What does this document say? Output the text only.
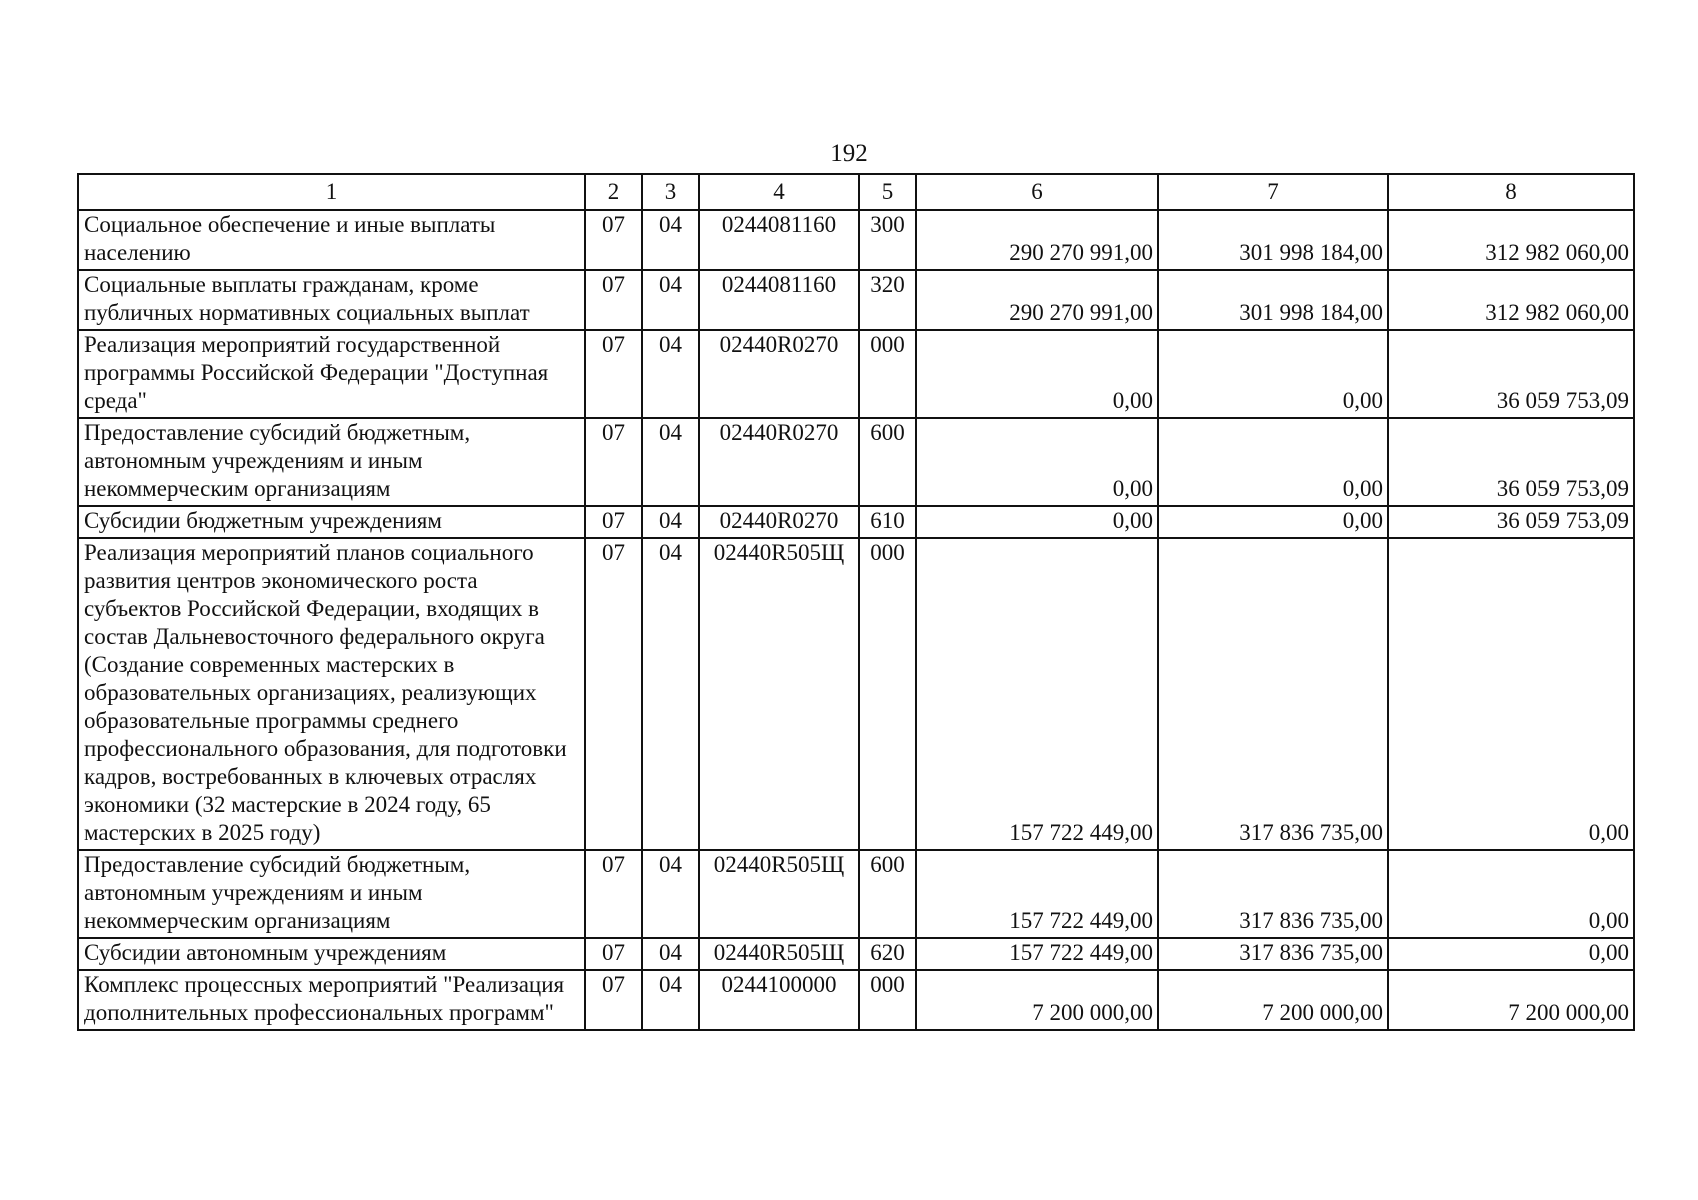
192
1	2	3	4	5	6	7	8
Социальное обеспечение и иные выплаты населению	07	04	0244081160	300	290 270 991,00	301 998 184,00	312 982 060,00
Социальные выплаты гражданам, кроме публичных нормативных социальных выплат	07	04	0244081160	320	290 270 991,00	301 998 184,00	312 982 060,00
Реализация мероприятий государственной программы Российской Федерации "Доступная среда"	07	04	02440R0270	000	0,00	0,00	36 059 753,09
Предоставление субсидий бюджетным, автономным учреждениям и иным некоммерческим организациям	07	04	02440R0270	600	0,00	0,00	36 059 753,09
Субсидии бюджетным учреждениям	07	04	02440R0270	610	0,00	0,00	36 059 753,09
Реализация мероприятий планов социального развития центров экономического роста субъектов Российской Федерации, входящих в состав Дальневосточного федерального округа (Создание современных мастерских в образовательных организациях, реализующих образовательные программы среднего профессионального образования, для подготовки кадров, востребованных в ключевых отраслях экономики (32 мастерские в 2024 году, 65 мастерских в 2025 году)	07	04	02440R505Щ	000	157 722 449,00	317 836 735,00	0,00
Предоставление субсидий бюджетным, автономным учреждениям и иным некоммерческим организациям	07	04	02440R505Щ	600	157 722 449,00	317 836 735,00	0,00
Субсидии автономным учреждениям	07	04	02440R505Щ	620	157 722 449,00	317 836 735,00	0,00
Комплекс процессных мероприятий "Реализация дополнительных профессиональных программ"	07	04	0244100000	000	7 200 000,00	7 200 000,00	7 200 000,00
